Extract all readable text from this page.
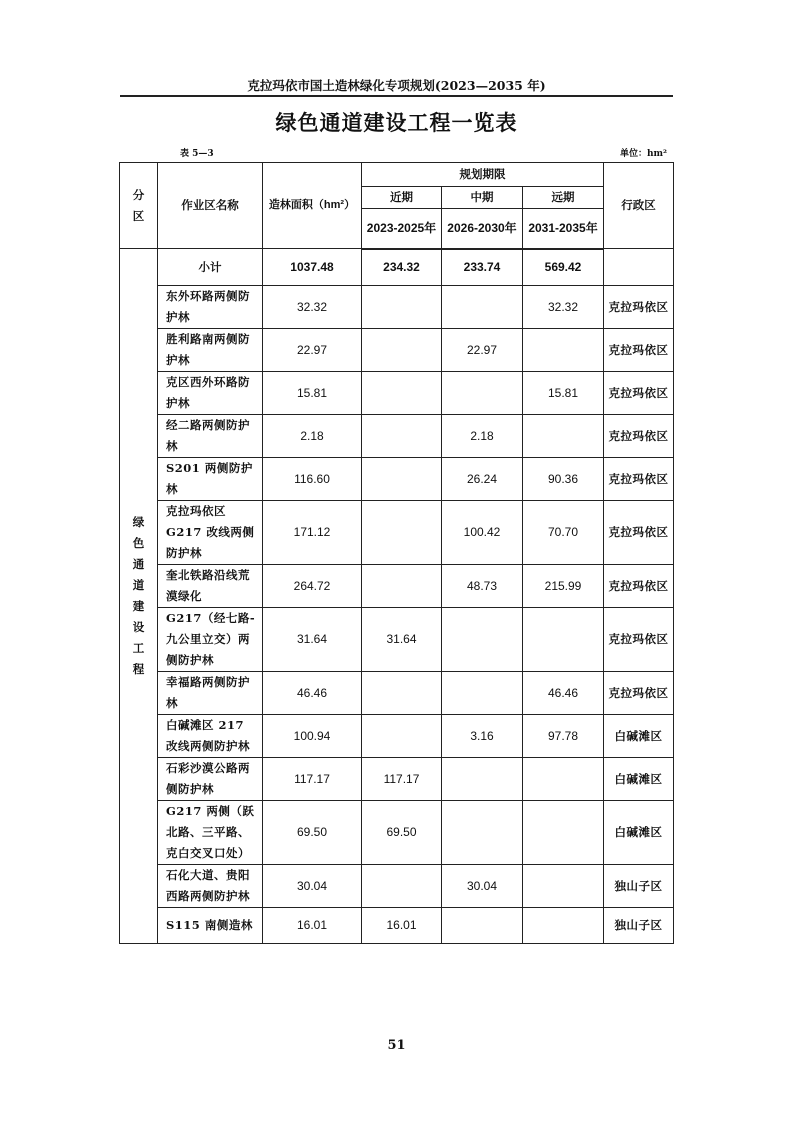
克拉玛依市国土造林绿化专项规划(2023—2035 年)
绿色通道建设工程一览表
表 5—3	单位：hm²
分区	作业区名称	造林面积（hm²）	规划期限			行政区
			近期	中期	远期	
			2023-2025年	2026-2030年	2031-2035年	
绿色通道建设工程	小计	1037.48	234.32	233.74	569.42	
	东外环路两侧防护林	32.32			32.32	克拉玛依区
	胜利路南两侧防护林	22.97		22.97		克拉玛依区
	克区西外环路防护林	15.81			15.81	克拉玛依区
	经二路两侧防护林	2.18		2.18		克拉玛依区
	S201 两侧防护林	116.60		26.24	90.36	克拉玛依区
	克拉玛依区 G217 改线两侧防护林	171.12		100.42	70.70	克拉玛依区
	奎北铁路沿线荒漠绿化	264.72		48.73	215.99	克拉玛依区
	G217（经七路-九公里立交）两侧防护林	31.64	31.64			克拉玛依区
	幸福路两侧防护林	46.46			46.46	克拉玛依区
	白碱滩区 217 改线两侧防护林	100.94		3.16	97.78	白碱滩区
	石彩沙漠公路两侧防护林	117.17	117.17			白碱滩区
	G217 两侧（跃北路、三平路、克白交叉口处）	69.50	69.50			白碱滩区
	石化大道、贵阳西路两侧防护林	30.04		30.04		独山子区
	S115 南侧造林	16.01	16.01			独山子区
51
